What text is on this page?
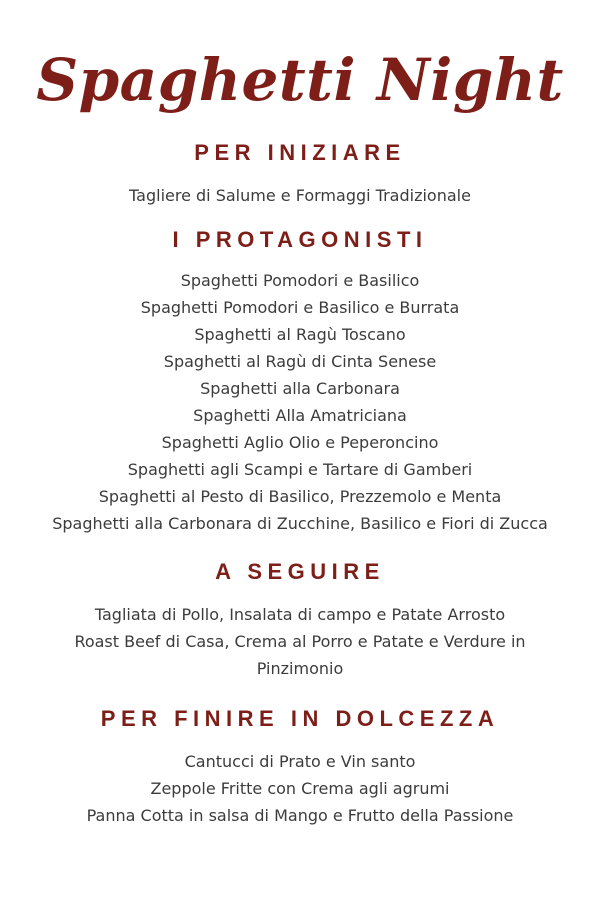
Spaghetti Night
PER INIZIARE
Tagliere di Salume e Formaggi Tradizionale
I PROTAGONISTI
Spaghetti Pomodori e Basilico
Spaghetti Pomodori e Basilico e Burrata
Spaghetti al Ragù Toscano
Spaghetti al Ragù di Cinta Senese
Spaghetti alla Carbonara
Spaghetti Alla Amatriciana
Spaghetti Aglio Olio e Peperoncino
Spaghetti agli Scampi e Tartare di Gamberi
Spaghetti al Pesto di Basilico, Prezzemolo e Menta
Spaghetti alla Carbonara di Zucchine, Basilico e Fiori di Zucca
A SEGUIRE
Tagliata di Pollo, Insalata di campo e Patate Arrosto
Roast Beef di Casa, Crema al Porro e Patate e Verdure in Pinzimonio
PER FINIRE IN DOLCEZZA
Cantucci di Prato e Vin santo
Zeppole Fritte con Crema agli agrumi
Panna Cotta in salsa di Mango e Frutto della Passione
